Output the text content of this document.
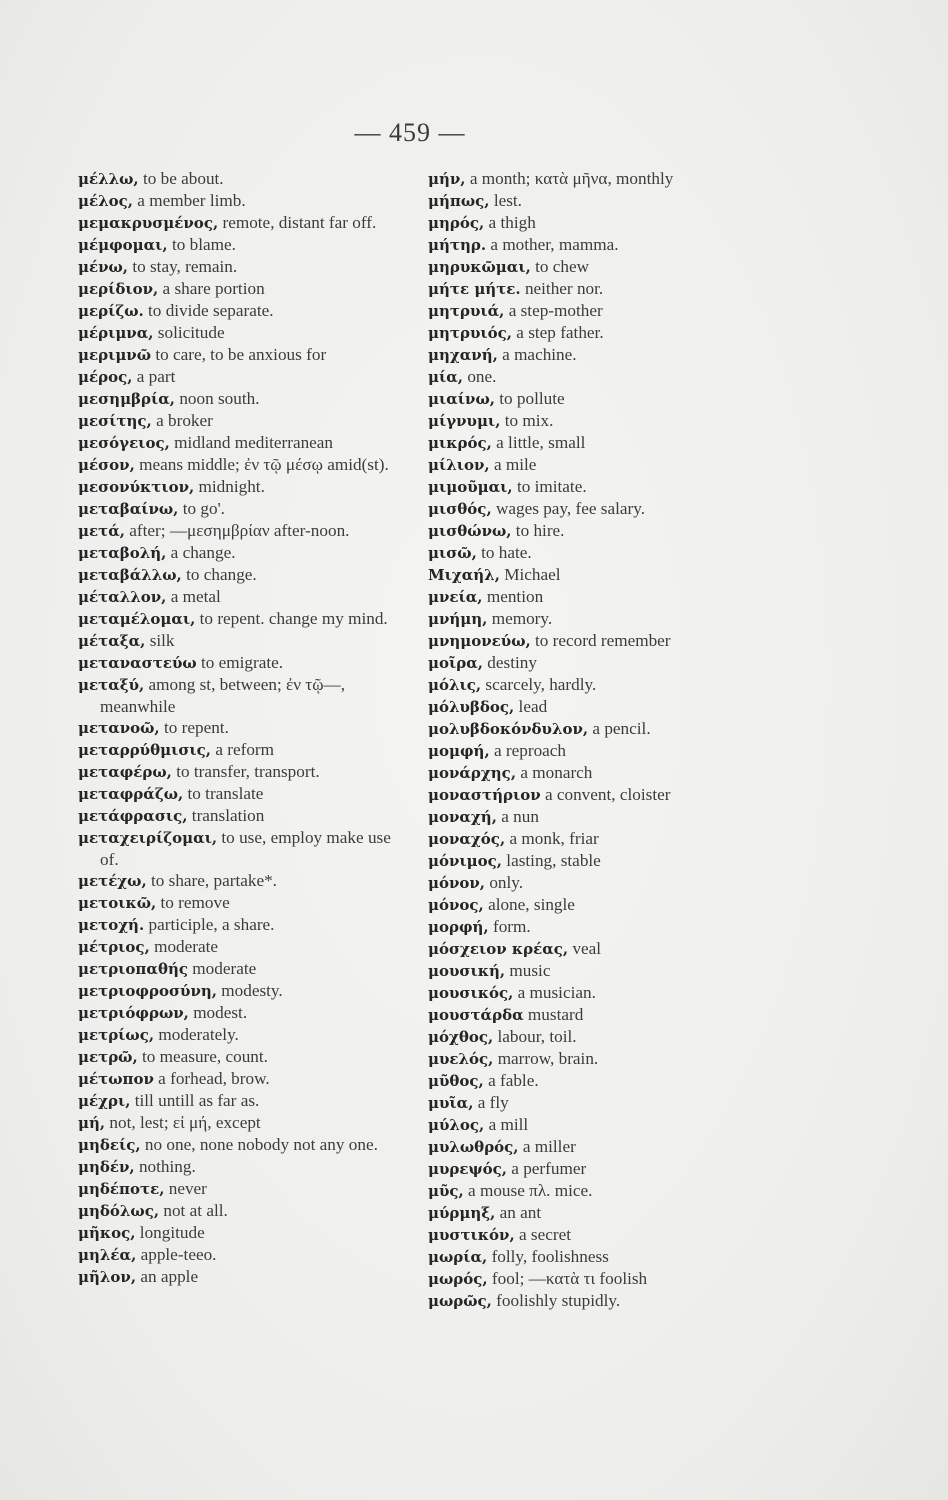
— 459 —

μέλλω, to be about.

μέλος, a member limb.

μεμακρυσμένος, remote, distant far off.

μέμφομαι, to blame.

μένω, to stay, remain.

μερίδιον, a share portion

μερίζω. to divide separate.

μέριμνα, solicitude

μεριμνῶ to care, to be anxious for

μέρος, a part

μεσημβρία, noon south.

μεσίτης, a broker

μεσόγειος, midland mediterranean

μέσον, means middle; ἐν τῷ μέσῳ amid(st).

μεσονύκτιον, midnight.

μεταβαίνω, to go'.

μετά, after; —μεσημβρίαν after-noon.

μεταβολή, a change.

μεταβάλλω, to change.

μέταλλον, a metal

μεταμέλομαι, to repent. change my mind.

μέταξα, silk

μεταναστεύω to emigrate.

μεταξύ, among st, between; ἐν τῷ—, meanwhile

μετανοῶ, to repent.

μεταρρύθμισις, a reform

μεταφέρω, to transfer, transport.

μεταφράζω, to translate

μετάφρασις, translation

μεταχειρίζομαι, to use, employ make use of.

μετέχω, to share, partake*.

μετοικῶ, to remove

μετοχή. participle, a share.

μέτριος, moderate

μετριοπαθής moderate

μετριοφροσύνη, modesty.

μετριόφρων, modest.

μετρίως, moderately.

μετρῶ, to measure, count.

μέτωπον a forhead, brow.

μέχρι, till untill as far as.

μή, not, lest; εἰ μή, except

μηδείς, no one, none nobody not any one.

μηδέν, nothing.

μηδέποτε, never

μηδόλως, not at all.

μῆκος, longitude

μηλέα, apple-teeo.

μῆλον, an apple

μήν, a month; κατὰ μῆνα, monthly

μήπως, lest.

μηρός, a thigh

μήτηρ. a mother, mamma.

μηρυκῶμαι, to chew

μήτε μήτε. neither nor.

μητρυιά, a step-mother

μητρυιός, a step father.

μηχανή, a machine.

μία, one.

μιαίνω, to pollute

μίγνυμι, to mix.

μικρός, a little, small

μίλιον, a mile

μιμοῦμαι, to imitate.

μισθός, wages pay, fee salary.

μισθώνω, to hire.

μισῶ, to hate.

Μιχαήλ, Michael

μνεία, mention

μνήμη, memory.

μνημονεύω, to record remember

μοῖρα, destiny

μόλις, scarcely, hardly.

μόλυβδος, lead

μολυβδοκόνδυλον, a pencil.

μομφή, a reproach

μονάρχης, a monarch

μοναστήριον a convent, cloister

μοναχή, a nun

μοναχός, a monk, friar

μόνιμος, lasting, stable

μόνον, only.

μόνος, alone, single

μορφή, form.

μόσχειον κρέας, veal

μουσική, music

μουσικός, a musician.

μουστάρδα mustard

μόχθος, labour, toil.

μυελός, marrow, brain.

μῦθος, a fable.

μυῖα, a fly

μύλος, a mill

μυλωθρός, a miller

μυρεψός, a perfumer

μῦς, a mouse πλ. mice.

μύρμηξ, an ant

μυστικόν, a secret

μωρία, folly, foolishness

μωρός, fool; —κατὰ τι foolish

μωρῶς, foolishly stupidly.
